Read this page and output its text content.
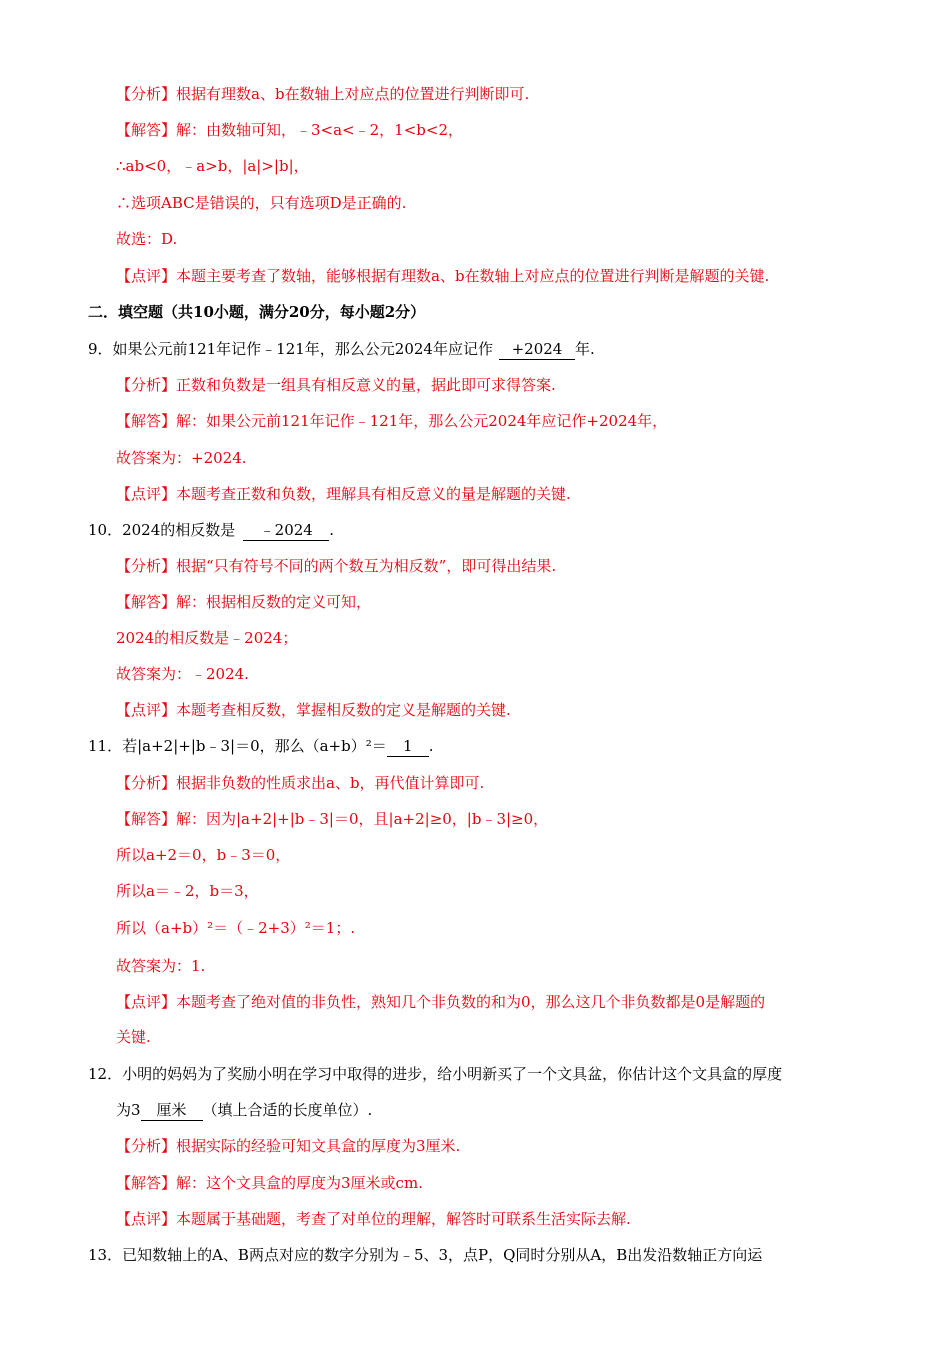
【分析】根据有理数a、b在数轴上对应点的位置进行判断即可.
【解答】解：由数轴可知，﹣3<a<﹣2，1<b<2，
∴ab<0，﹣a>b，|a|>|b|，
∴选项ABC是错误的，只有选项D是正确的.
故选：D.
【点评】本题主要考查了数轴，能够根据有理数a、b在数轴上对应点的位置进行判断是解题的关键.
二．填空题（共10小题，满分20分，每小题2分）
9．如果公元前121年记作﹣121年，那么公元2024年应记作 +2024 年.
【分析】正数和负数是一组具有相反意义的量，据此即可求得答案.
【解答】解：如果公元前121年记作﹣121年，那么公元2024年应记作+2024年，
故答案为：+2024.
【点评】本题考查正数和负数，理解具有相反意义的量是解题的关键.
10．2024的相反数是 ﹣2024 .
【分析】根据“只有符号不同的两个数互为相反数”，即可得出结果.
【解答】解：根据相反数的定义可知，
2024的相反数是﹣2024；
故答案为：﹣2024.
【点评】本题考查相反数，掌握相反数的定义是解题的关键.
11．若|a+2|+|b﹣3|＝0，那么（a+b）²＝ 1 .
【分析】根据非负数的性质求出a、b，再代值计算即可.
【解答】解：因为|a+2|+|b﹣3|＝0，且|a+2|≥0，|b﹣3|≥0，
所以a+2＝0，b﹣3＝0，
所以a＝﹣2，b＝3，
所以（a+b）²＝（﹣2+3）²＝1；.
故答案为：1.
【点评】本题考查了绝对值的非负性，熟知几个非负数的和为0，那么这几个非负数都是0是解题的
关键.
12．小明的妈妈为了奖励小明在学习中取得的进步，给小明新买了一个文具盆，你估计这个文具盒的厚度
为3 厘米 （填上合适的长度单位）.
【分析】根据实际的经验可知文具盒的厚度为3厘米.
【解答】解：这个文具盒的厚度为3厘米或cm.
【点评】本题属于基础题，考查了对单位的理解，解答时可联系生活实际去解.
13．已知数轴上的A、B两点对应的数字分别为﹣5、3，点P，Q同时分别从A，B出发沿数轴正方向运
